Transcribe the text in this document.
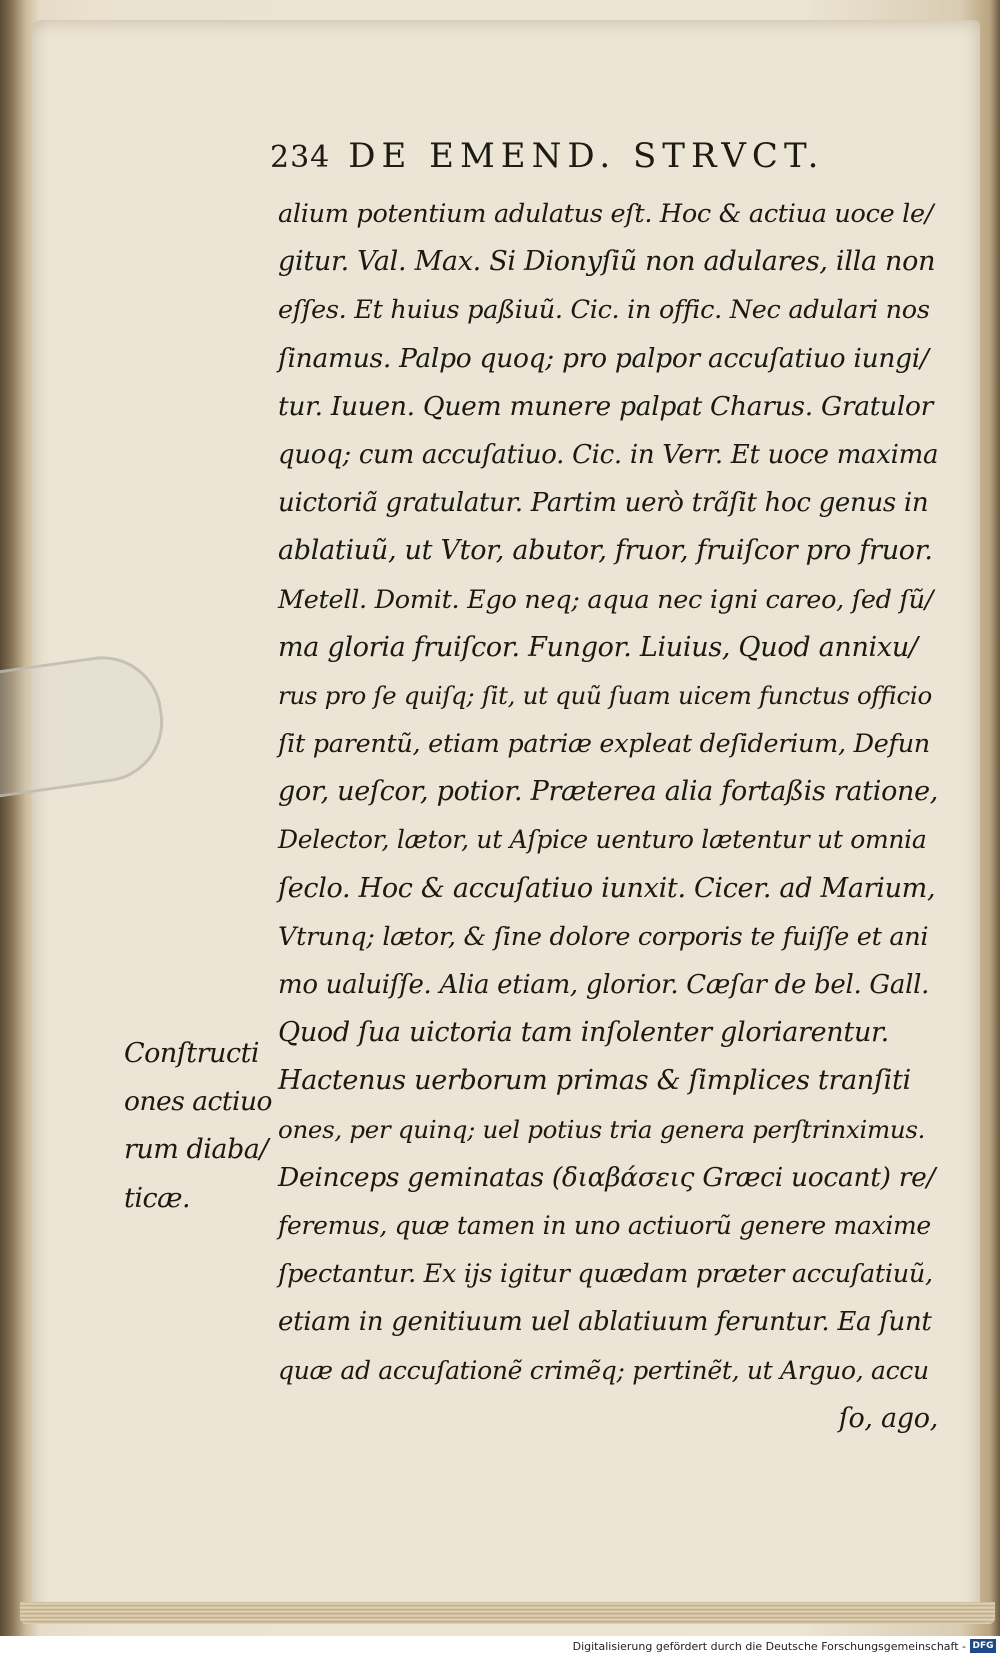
234 DE EMEND. STRVCT.
alium potentium adulatus eſt. Hoc & actiua uoce le/
gitur. Val. Max. Si Dionyſiũ non adulares, illa non
eſſes. Et huius paßiuũ. Cic. in offic. Nec adulari nos
ſinamus. Palpo quoq; pro palpor accuſatiuo iungi/
tur. Iuuen. Quem munere palpat Charus. Gratulor
quoq; cum accuſatiuo. Cic. in Verr. Et uoce maxima
uictoriã gratulatur. Partim uerò trãſit hoc genus in
ablatiuũ, ut Vtor, abutor, fruor, fruiſcor pro fruor.
Metell. Domit. Ego neq; aqua nec igni careo, ſed ſũ/
ma gloria fruiſcor. Fungor. Liuius, Quod annixu/
rus pro ſe quiſq; ſit, ut quũ ſuam uicem functus officio
ſit parentũ, etiam patriæ expleat deſiderium, Defun
gor, ueſcor, potior. Præterea alia fortaßis ratione,
Delector, lætor, ut Aſpice uenturo lætentur ut omnia
ſeclo. Hoc & accuſatiuo iunxit. Cicer. ad Marium,
Vtrunq; lætor, & ſine dolore corporis te fuiſſe et ani
mo ualuiſſe. Alia etiam, glorior. Cæſar de bel. Gall.
Quod ſua uictoria tam inſolenter gloriarentur.
Hactenus uerborum primas & ſimplices tranſiti
ones, per quinq; uel potius tria genera perſtrinximus.
Deinceps geminatas (διαβάσεις Græci uocant) re/
feremus, quæ tamen in uno actiuorũ genere maxime
ſpectantur. Ex ijs igitur quædam præter accuſatiuũ,
etiam in genitiuum uel ablatiuum feruntur. Ea ſunt
quæ ad accuſationẽ crimẽq; pertinẽt, ut Arguo, accu
ſo, ago,
Conſtructi
ones actiuo
rum diaba/
ticæ.
Digitalisierung gefördert durch die Deutsche Forschungsgemeinschaft - DFG
